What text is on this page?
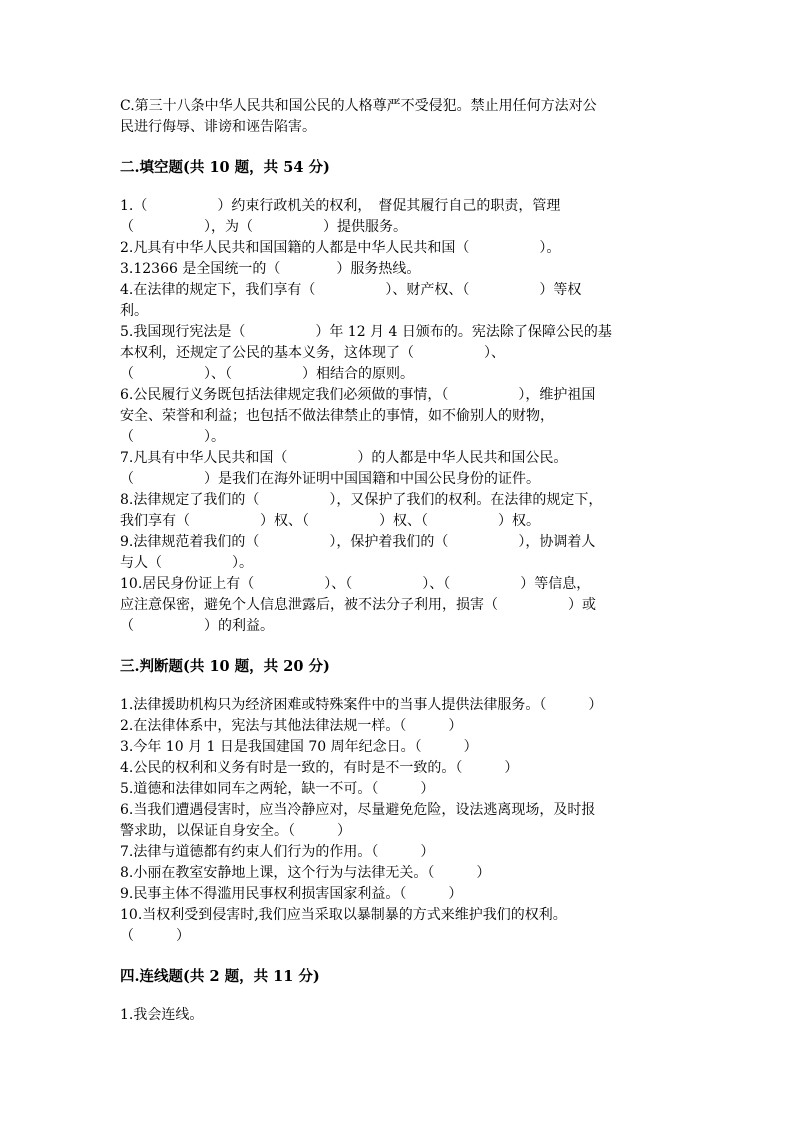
C.第三十八条中华人民共和国公民的人格尊严不受侵犯。禁止用任何方法对公

民进行侮辱、诽谤和诬告陷害。

二.填空题(共 10 题，共 54 分)

1.（　　　　　）约束行政机关的权利，　督促其履行自己的职责，管理

（　　　　　），为（　　　　　）提供服务。

2.凡具有中华人民共和国国籍的人都是中华人民共和国（　　　　　）。

3.12366 是全国统一的（　　　　）服务热线。

4.在法律的规定下，我们享有（　　　　　）、财产权、（　　　　　）等权

利。

5.我国现行宪法是（　　　　　）年 12 月 4 日颁布的。宪法除了保障公民的基

本权利，还规定了公民的基本义务，这体现了（　　　　　）、

（　　　　　）、（　　　　　）相结合的原则。

6.公民履行义务既包括法律规定我们必须做的事情，（　　　　　），维护祖国

安全、荣誉和利益；也包括不做法律禁止的事情，如不偷别人的财物，

（　　　　　）。

7.凡具有中华人民共和国（　　　　　）的人都是中华人民共和国公民。

（　　　　　）是我们在海外证明中国国籍和中国公民身份的证件。

8.法律规定了我们的（　　　　　），又保护了我们的权利。在法律的规定下，

我们享有（　　　　　）权、（　　　　　）权、（　　　　　）权。

9.法律规范着我们的（　　　　　），保护着我们的（　　　　　），协调着人

与人（　　　　　）。

10.居民身份证上有（　　　　　）、（　　　　　）、（　　　　　）等信息，

应注意保密，避免个人信息泄露后，被不法分子利用，损害（　　　　　）或

（　　　　　）的利益。

三.判断题(共 10 题，共 20 分)

1.法律援助机构只为经济困难或特殊案件中的当事人提供法律服务。（　　　）

2.在法律体系中，宪法与其他法律法规一样。（　　　）

3.今年 10 月 1 日是我国建国 70 周年纪念日。（　　　）

4.公民的权利和义务有时是一致的，有时是不一致的。（　　　）

5.道德和法律如同车之两轮，缺一不可。（　　　）

6.当我们遭遇侵害时，应当冷静应对，尽量避免危险，设法逃离现场，及时报

警求助，以保证自身安全。（　　　）

7.法律与道德都有约束人们行为的作用。（　　　）

8.小丽在教室安静地上课，这个行为与法律无关。（　　　）

9.民事主体不得滥用民事权利损害国家利益。（　　　）

10.当权利受到侵害时,我们应当采取以暴制暴的方式来维护我们的权利。

（　　　）

四.连线题(共 2 题，共 11 分)

1.我会连线。
